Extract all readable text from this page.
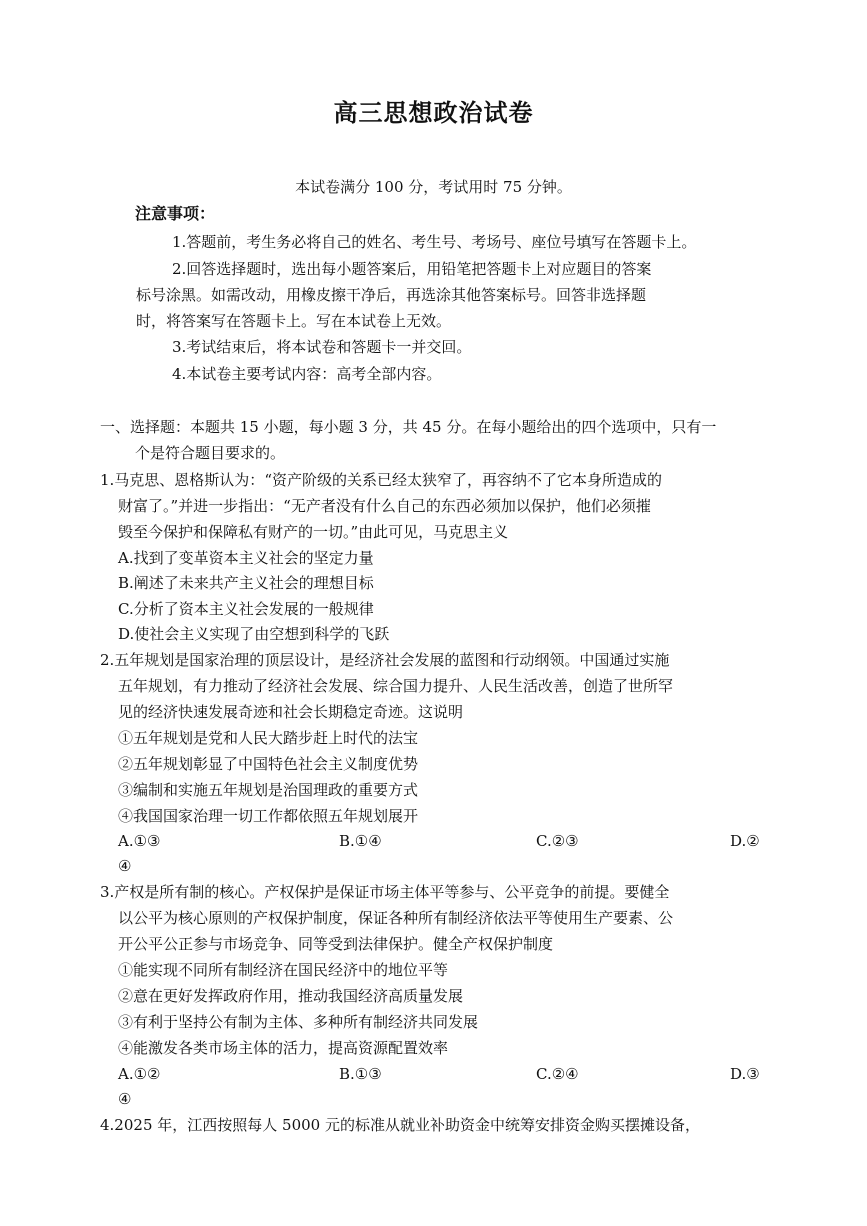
高三思想政治试卷
本试卷满分 100 分，考试用时 75 分钟。
注意事项：
1.答题前，考生务必将自己的姓名、考生号、考场号、座位号填写在答题卡上。
2.回答选择题时，选出每小题答案后，用铅笔把答题卡上对应题目的答案
标号涂黑。如需改动，用橡皮擦干净后，再选涂其他答案标号。回答非选择题
时，将答案写在答题卡上。写在本试卷上无效。
3.考试结束后，将本试卷和答题卡一并交回。
4.本试卷主要考试内容：高考全部内容。
一、选择题：本题共 15 小题，每小题 3 分，共 45 分。在每小题给出的四个选项中，只有一
个是符合题目要求的。
1.马克思、恩格斯认为：“资产阶级的关系已经太狭窄了，再容纳不了它本身所造成的
财富了。”并进一步指出：“无产者没有什么自己的东西必须加以保护，他们必须摧
毁至今保护和保障私有财产的一切。”由此可见，马克思主义
A.找到了变革资本主义社会的坚定力量
B.阐述了未来共产主义社会的理想目标
C.分析了资本主义社会发展的一般规律
D.使社会主义实现了由空想到科学的飞跃
2.五年规划是国家治理的顶层设计，是经济社会发展的蓝图和行动纲领。中国通过实施
五年规划，有力推动了经济社会发展、综合国力提升、人民生活改善，创造了世所罕
见的经济快速发展奇迹和社会长期稳定奇迹。这说明
①五年规划是党和人民大踏步赶上时代的法宝
②五年规划彰显了中国特色社会主义制度优势
③编制和实施五年规划是治国理政的重要方式
④我国国家治理一切工作都依照五年规划展开
A.①③	B.①④	C.②③	D.②
④
3.产权是所有制的核心。产权保护是保证市场主体平等参与、公平竞争的前提。要健全
以公平为核心原则的产权保护制度，保证各种所有制经济依法平等使用生产要素、公
开公平公正参与市场竞争、同等受到法律保护。健全产权保护制度
①能实现不同所有制经济在国民经济中的地位平等
②意在更好发挥政府作用，推动我国经济高质量发展
③有利于坚持公有制为主体、多种所有制经济共同发展
④能激发各类市场主体的活力，提高资源配置效率
A.①②	B.①③	C.②④	D.③
④
4.2025 年，江西按照每人 5000 元的标准从就业补助资金中统筹安排资金购买摆摊设备，
